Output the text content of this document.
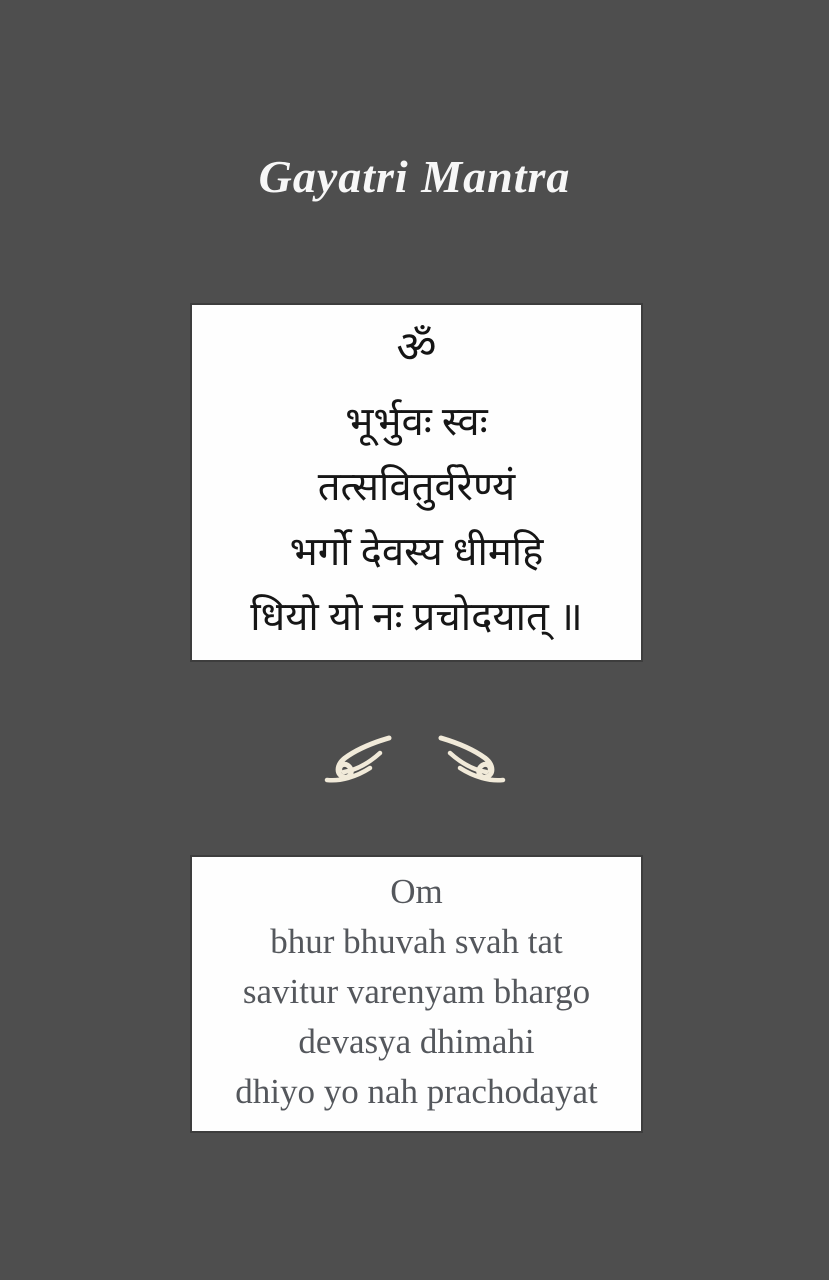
Gayatri Mantra
ॐ
भूर्भुवः स्वः
तत्सवितुर्वरेण्यं
भर्गो देवस्य धीमहि
धियो यो नः प्रचोदयात् ॥
Om
bhur bhuvah svah tat
savitur varenyam bhargo
devasya dhimahi
dhiyo yo nah prachodayat
